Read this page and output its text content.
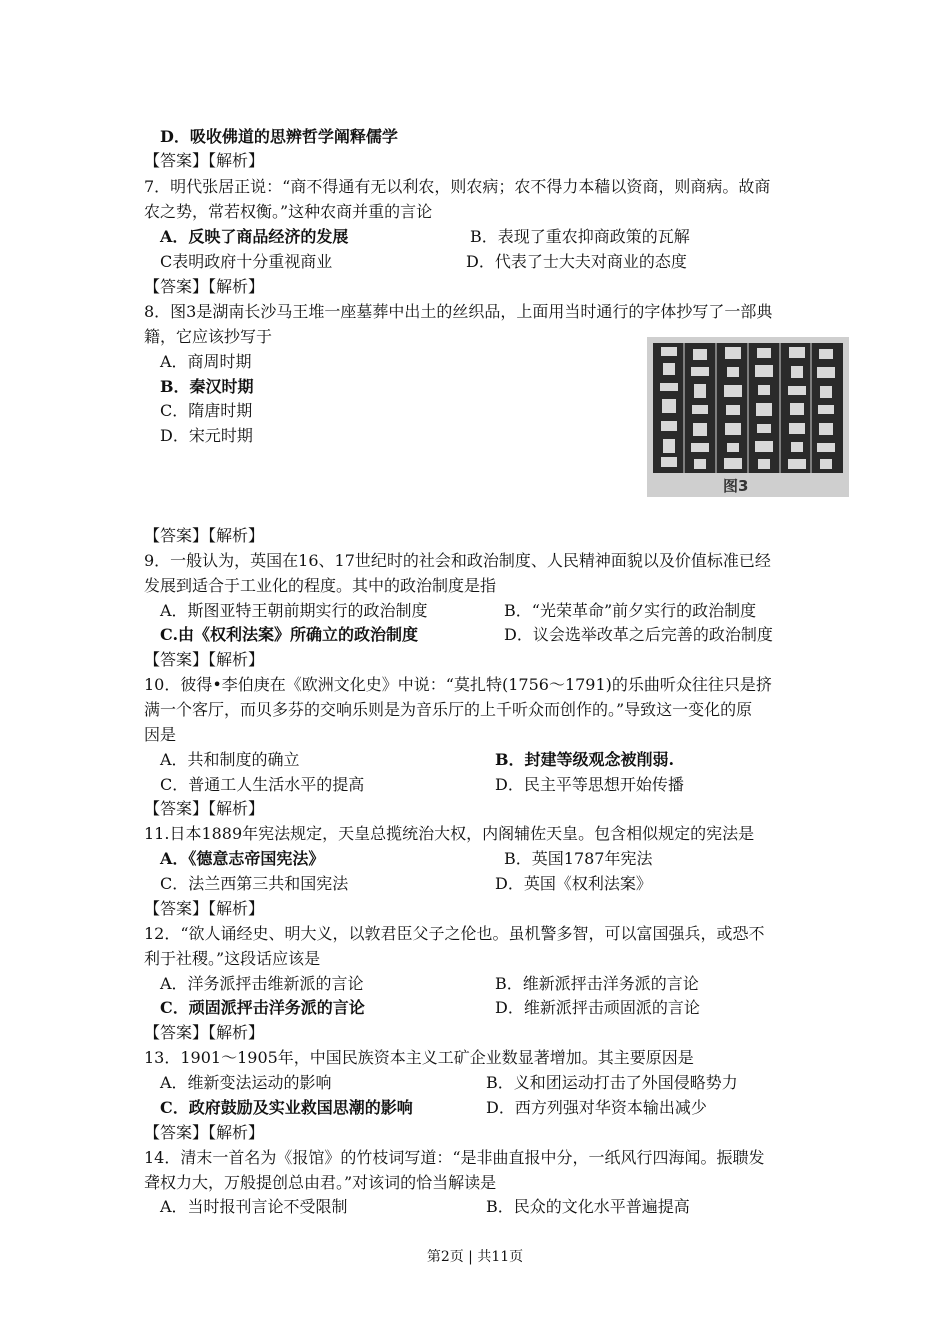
D．吸收佛道的思辨哲学阐释儒学
【答案】【解析】
7．明代张居正说：“商不得通有无以利农，则农病；农不得力本穑以资商，则商病。故商
农之势，常若权衡。”这种农商并重的言论
A．反映了商品经济的发展	B．表现了重农抑商政策的瓦解
C表明政府十分重视商业	D．代表了士大夫对商业的态度
【答案】【解析】
8．图3是湖南长沙马王堆一座墓葬中出土的丝织品，上面用当时通行的字体抄写了一部典
籍，它应该抄写于
A．商周时期
B．秦汉时期
C．隋唐时期
D．宋元时期
图3
【答案】【解析】
9．一般认为，英国在16、17世纪时的社会和政治制度、人民精神面貌以及价值标准已经
发展到适合于工业化的程度。其中的政治制度是指
A．斯图亚特王朝前期实行的政治制度	B．“光荣革命”前夕实行的政治制度
C.由《权利法案》所确立的政治制度	D．议会选举改革之后完善的政治制度
【答案】【解析】
10．彼得•李伯庚在《欧洲文化史》中说：“莫扎特(1756～1791)的乐曲听众往往只是挤
满一个客厅，而贝多芬的交响乐则是为音乐厅的上千听众而创作的。”导致这一变化的原
因是
A．共和制度的确立	B．封建等级观念被削弱.
C．普通工人生活水平的提高	D．民主平等思想开始传播
【答案】【解析】
11.日本1889年宪法规定，天皇总揽统治大权，内阁辅佐天皇。包含相似规定的宪法是
A．《德意志帝国宪法》	B．英国1787年宪法
C．法兰西第三共和国宪法	D．英国《权利法案》
【答案】【解析】
12．“欲人诵经史、明大义，以敦君臣父子之伦也。虽机警多智，可以富国强兵，或恐不
利于社稷。”这段话应该是
A．洋务派抨击维新派的言论	B．维新派抨击洋务派的言论
C．顽固派抨击洋务派的言论	D．维新派抨击顽固派的言论
【答案】【解析】
13．1901～1905年，中国民族资本主义工矿企业数显著增加。其主要原因是
A．维新变法运动的影响	B．义和团运动打击了外国侵略势力
C．政府鼓励及实业救国思潮的影响	D．西方列强对华资本输出减少
【答案】【解析】
14．清末一首名为《报馆》的竹枝词写道：“是非曲直报中分，一纸风行四海闻。振聩发
聋权力大，万般提创总由君。”对该词的恰当解读是
A．当时报刊言论不受限制	B．民众的文化水平普遍提高
第2页 | 共11页
